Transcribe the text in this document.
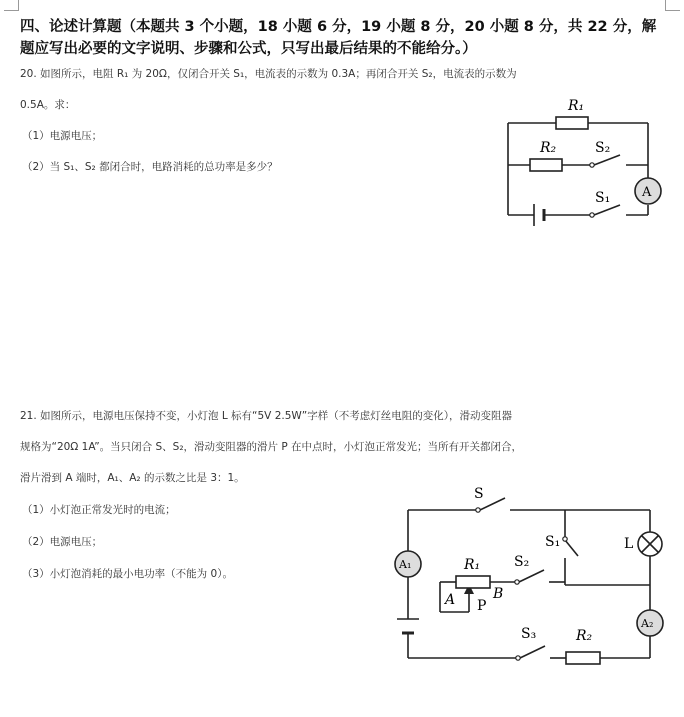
四、论述计算题（本题共 3 个小题，18 小题 6 分，19 小题 8 分，20 小题 8 分，共 22 分，解题应写出必要的文字说明、步骤和公式，只写出最后结果的不能给分。）
20. 如图所示，电阻 R₁ 为 20Ω，仅闭合开关 S₁，电流表的示数为 0.3A；再闭合开关 S₂，电流表的示数为
0.5A。求：
（1）电源电压；
（2）当 S₁、S₂ 都闭合时，电路消耗的总功率是多少？
R₁
R₂	S₂
S₁ A
21. 如图所示，电源电压保持不变，小灯泡 L 标有“5V 2.5W”字样（不考虑灯丝电阻的变化），滑动变阻器
规格为“20Ω 1A”。当只闭合 S、S₂，滑动变阻器的滑片 P 在中点时，小灯泡正常发光；当所有开关都闭合，
滑片滑到 A 端时，A₁、A₂ 的示数之比是 3：1。
（1）小灯泡正常发光时的电流；
（2）电源电压；
（3）小灯泡消耗的最小电功率（不能为 0）。
S
S₁	L
A₁	R₁ S₂
A P
B
S₃	R₂
A₂
